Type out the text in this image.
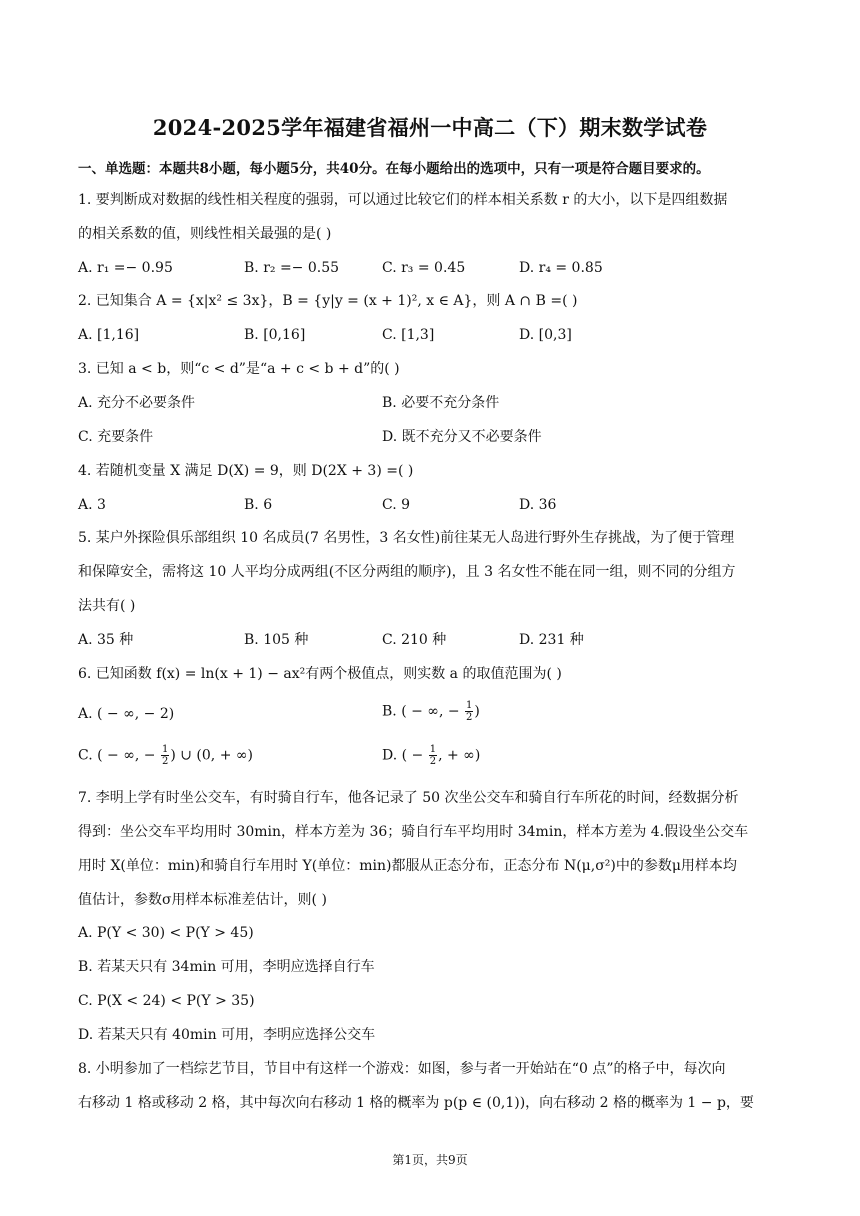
2024-2025学年福建省福州一中高二（下）期末数学试卷
一、单选题：本题共8小题，每小题5分，共40分。在每小题给出的选项中，只有一项是符合题目要求的。
1. 要判断成对数据的线性相关程度的强弱，可以通过比较它们的样本相关系数 r 的大小，以下是四组数据
的相关系数的值，则线性相关最强的是( )
A. r₁ =− 0.95	B. r₂ =− 0.55	C. r₃ = 0.45	D. r₄ = 0.85
2. 已知集合 A = {x|x² ≤ 3x}，B = {y|y = (x + 1)², x ∈ A}，则 A ∩ B =( )
A. [1,16]	B. [0,16]	C. [1,3]	D. [0,3]
3. 已知 a < b，则“c < d”是“a + c < b + d”的( )
A. 充分不必要条件	B. 必要不充分条件
C. 充要条件	D. 既不充分又不必要条件
4. 若随机变量 X 满足 D(X) = 9，则 D(2X + 3) =( )
A. 3	B. 6	C. 9	D. 36
5. 某户外探险俱乐部组织 10 名成员(7 名男性，3 名女性)前往某无人岛进行野外生存挑战，为了便于管理
和保障安全，需将这 10 人平均分成两组(不区分两组的顺序)，且 3 名女性不能在同一组，则不同的分组方
法共有( )
A. 35 种	B. 105 种	C. 210 种	D. 231 种
6. 已知函数 f(x) = ln(x + 1) − ax²有两个极值点，则实数 a 的取值范围为( )
A. ( − ∞, − 2)	B. ( − ∞, − $\frac{1}{2}$ )
C. ( − ∞, − $\frac{1}{2}$ ) ∪ (0, + ∞)	D. ( − $\frac{1}{2}$ , + ∞)
7. 李明上学有时坐公交车，有时骑自行车，他各记录了 50 次坐公交车和骑自行车所花的时间，经数据分析
得到：坐公交车平均用时 30min，样本方差为 36；骑自行车平均用时 34min，样本方差为 4.假设坐公交车
用时 X(单位：min)和骑自行车用时 Y(单位：min)都服从正态分布，正态分布 N(μ,σ²)中的参数μ用样本均
值估计，参数σ用样本标准差估计，则( )
A. P(Y < 30) < P(Y > 45)
B. 若某天只有 34min 可用，李明应选择自行车
C. P(X < 24) < P(Y > 35)
D. 若某天只有 40min 可用，李明应选择公交车
8. 小明参加了一档综艺节目，节目中有这样一个游戏：如图，参与者一开始站在“0 点”的格子中，每次向
右移动 1 格或移动 2 格，其中每次向右移动 1 格的概率为 p(p ∈ (0,1))，向右移动 2 格的概率为 1 − p，要
第1页，共9页
